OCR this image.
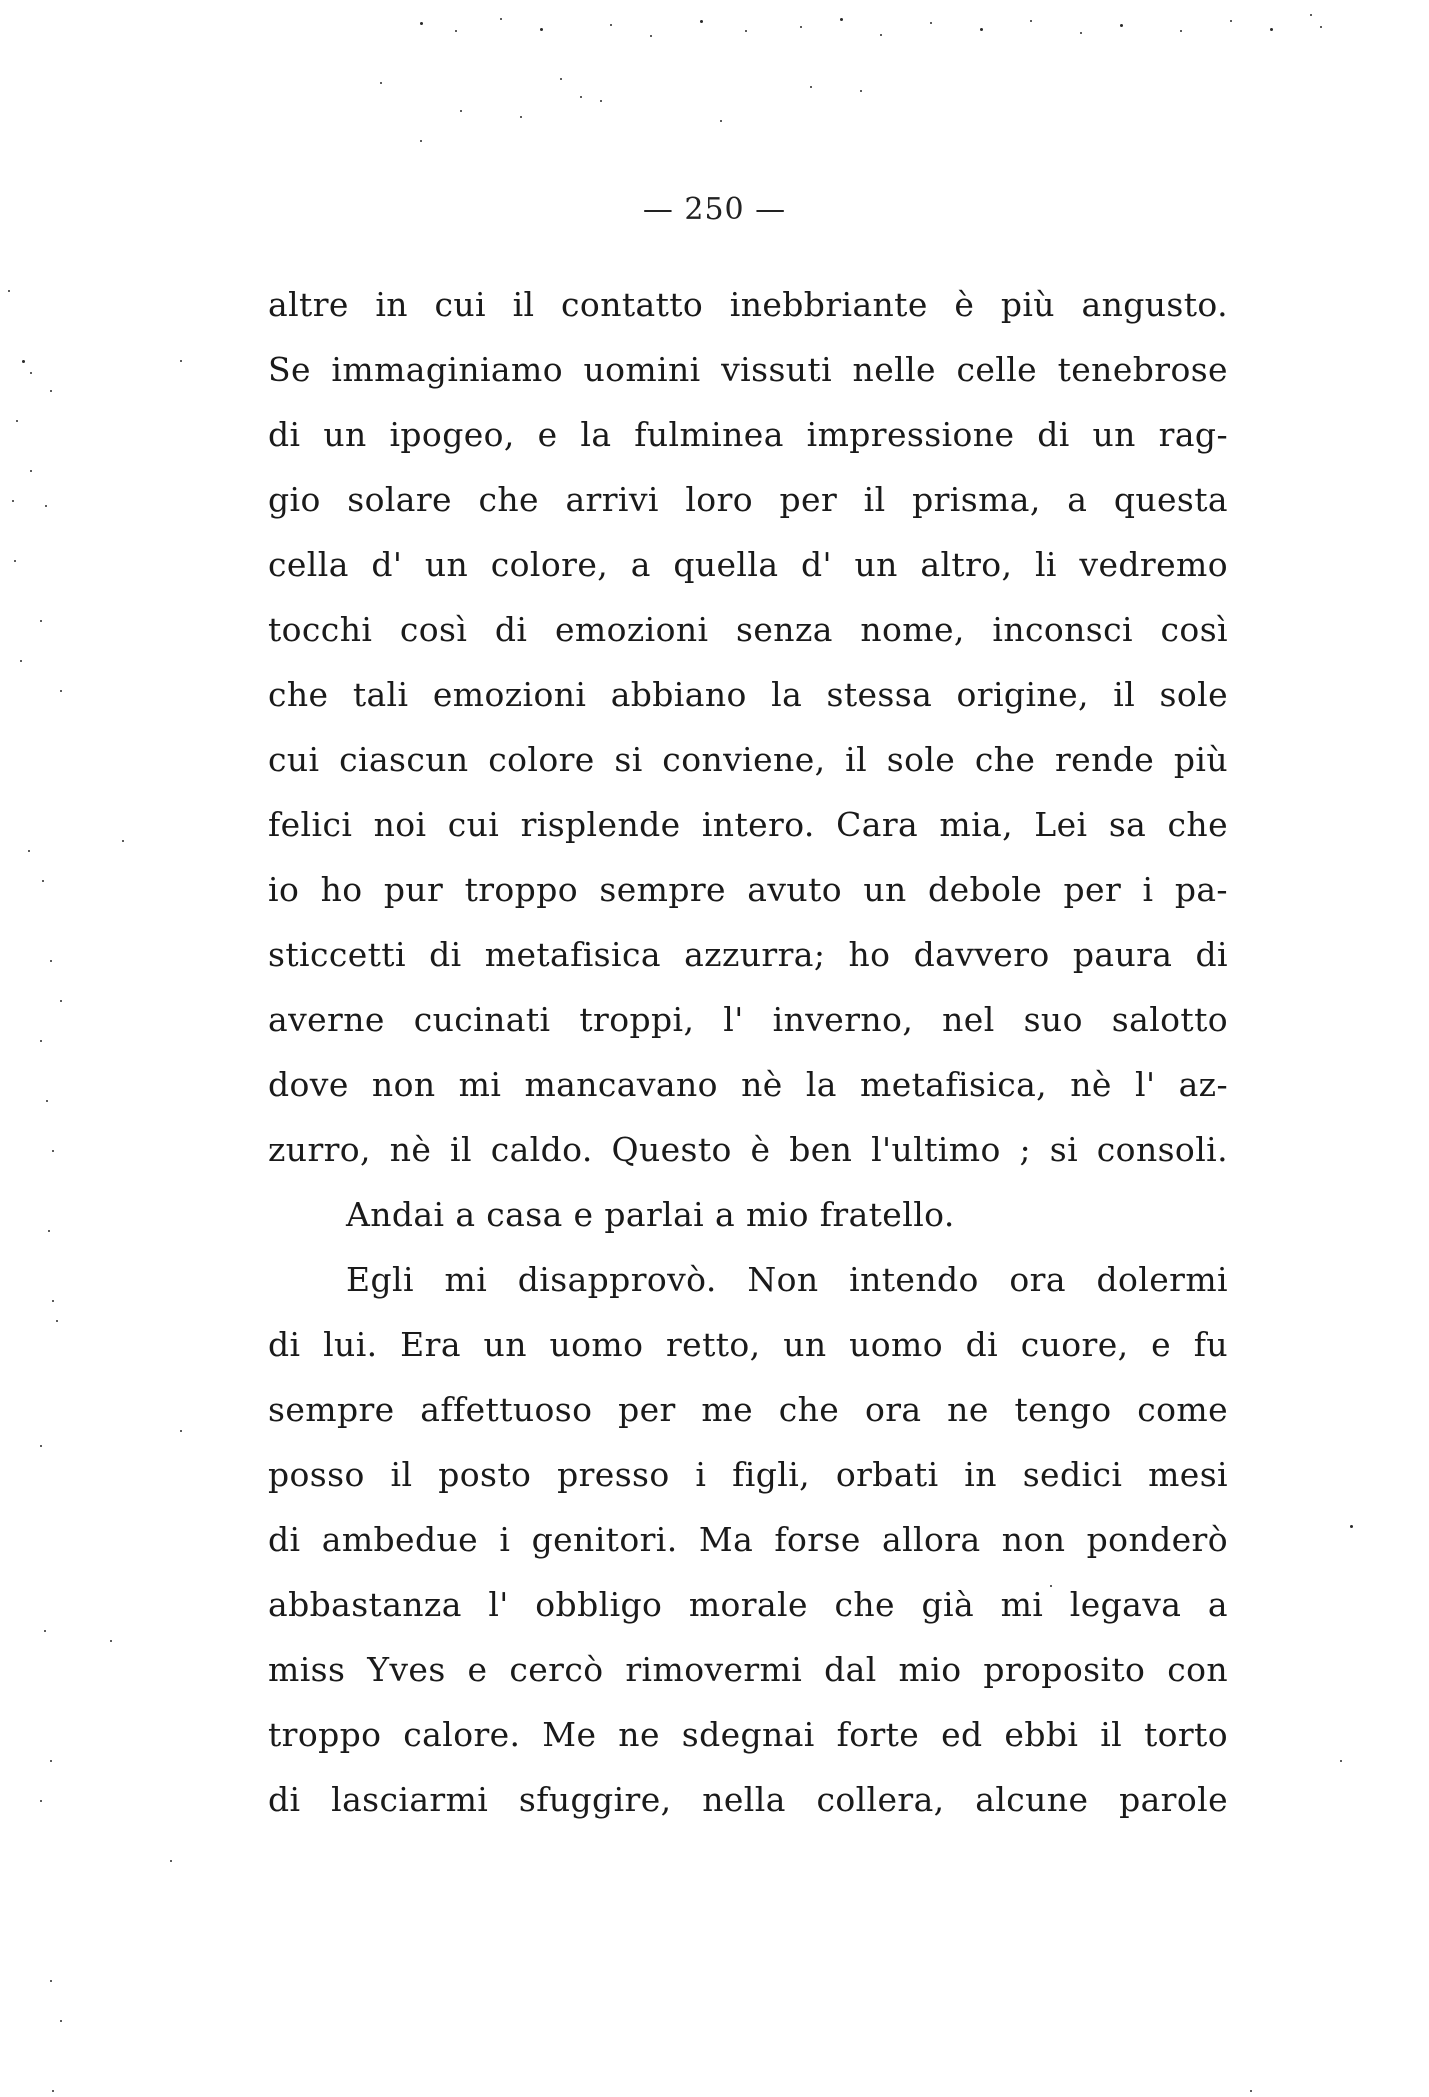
— 250 —
altre in cui il contatto inebbriante è più angusto.
Se immaginiamo uomini vissuti nelle celle tenebrose
di un ipogeo, e la fulminea impressione di un rag-
gio solare che arrivi loro per il prisma, a questa
cella d' un colore, a quella d' un altro, li vedremo
tocchi così di emozioni senza nome, inconsci così
che tali emozioni abbiano la stessa origine, il sole
cui ciascun colore si conviene, il sole che rende più
felici noi cui risplende intero. Cara mia, Lei sa che
io ho pur troppo sempre avuto un debole per i pa-
sticcetti di metafisica azzurra; ho davvero paura di
averne cucinati troppi, l' inverno, nel suo salotto
dove non mi mancavano nè la metafisica, nè l' az-
zurro, nè il caldo. Questo è ben l'ultimo ; si consoli.
Andai a casa e parlai a mio fratello.
Egli mi disapprovò. Non intendo ora dolermi
di lui. Era un uomo retto, un uomo di cuore, e fu
sempre affettuoso per me che ora ne tengo come
posso il posto presso i figli, orbati in sedici mesi
di ambedue i genitori. Ma forse allora non ponderò
abbastanza l' obbligo morale che già mi legava a
miss Yves e cercò rimovermi dal mio proposito con
troppo calore. Me ne sdegnai forte ed ebbi il torto
di lasciarmi sfuggire, nella collera, alcune parole
